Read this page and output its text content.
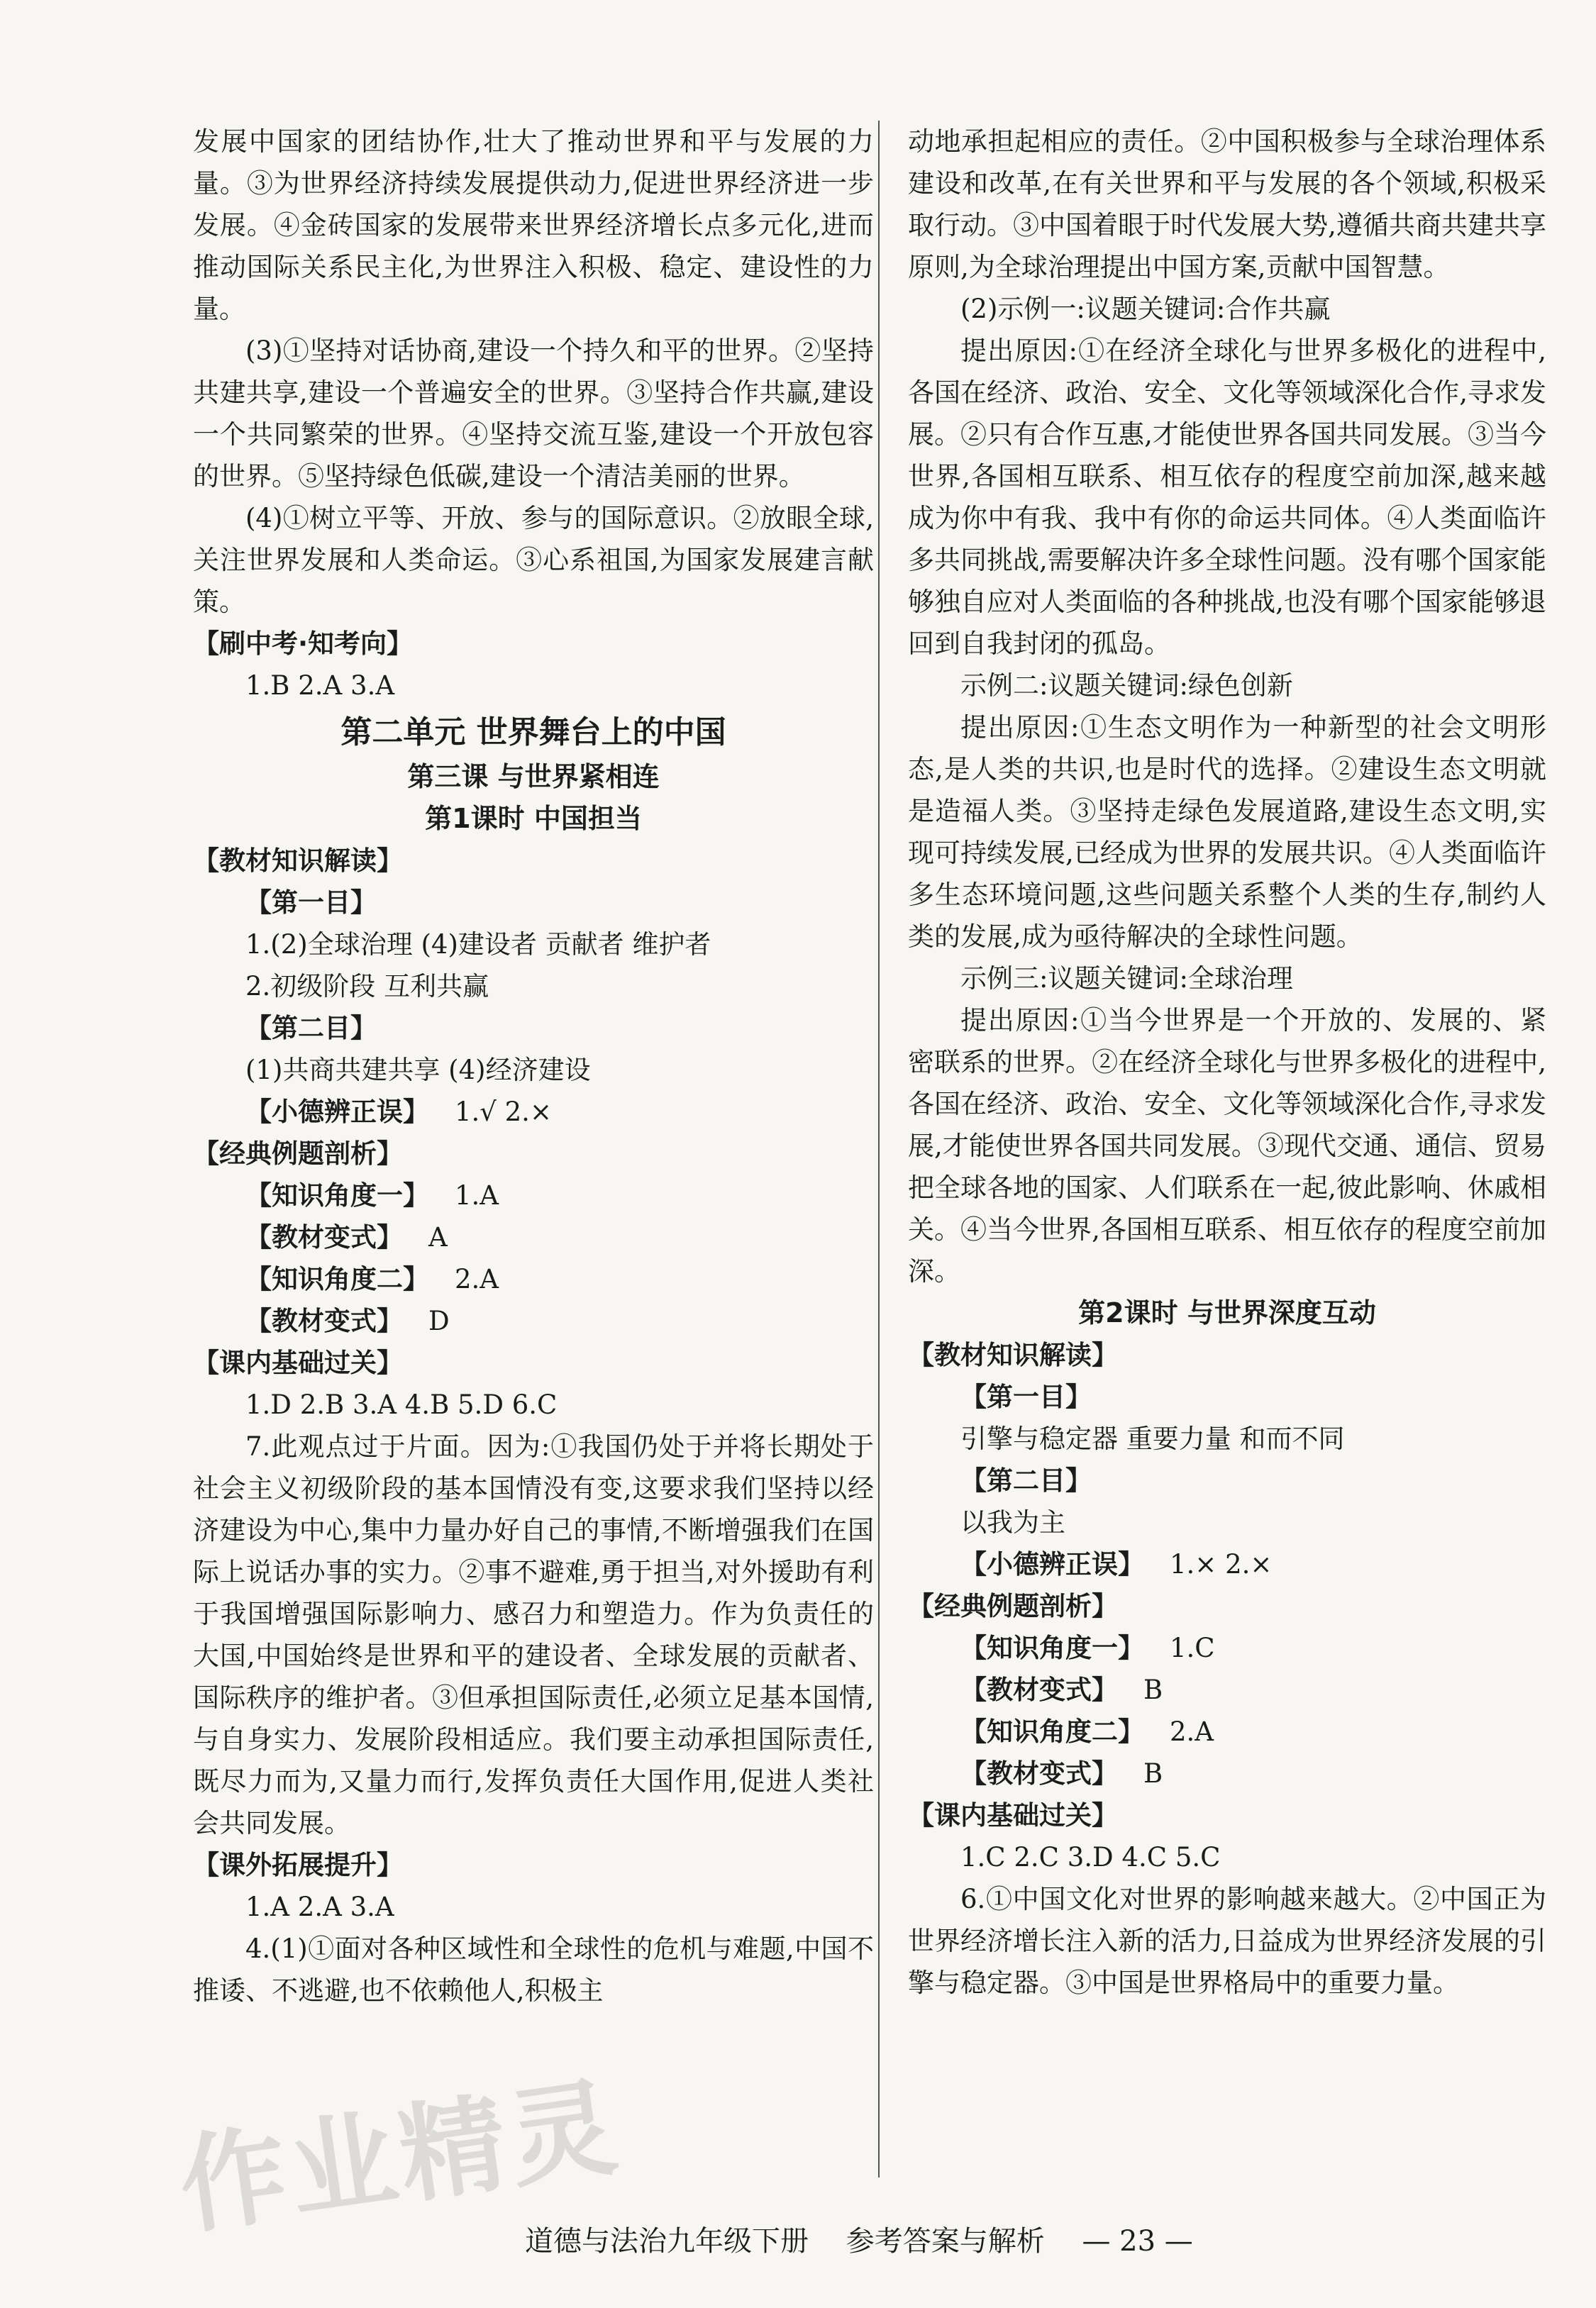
发展中国家的团结协作,壮大了推动世界和平与发展的力量。③为世界经济持续发展提供动力,促进世界经济进一步发展。④金砖国家的发展带来世界经济增长点多元化,进而推动国际关系民主化,为世界注入积极、稳定、建设性的力量。

(3)①坚持对话协商,建设一个持久和平的世界。②坚持共建共享,建设一个普遍安全的世界。③坚持合作共赢,建设一个共同繁荣的世界。④坚持交流互鉴,建设一个开放包容的世界。⑤坚持绿色低碳,建设一个清洁美丽的世界。

(4)①树立平等、开放、参与的国际意识。②放眼全球,关注世界发展和人类命运。③心系祖国,为国家发展建言献策。

【刷中考·知考向】

1.B 2.A 3.A

第二单元 世界舞台上的中国

第三课 与世界紧相连

第1课时 中国担当

【教材知识解读】

【第一目】

1.(2)全球治理 (4)建设者 贡献者 维护者

2.初级阶段 互利共赢

【第二目】

(1)共商共建共享 (4)经济建设

【小德辨正误】 1.√ 2.×

【经典例题剖析】

【知识角度一】 1.A

【教材变式】 A

【知识角度二】 2.A

【教材变式】 D

【课内基础过关】

1.D 2.B 3.A 4.B 5.D 6.C

7.此观点过于片面。因为:①我国仍处于并将长期处于社会主义初级阶段的基本国情没有变,这要求我们坚持以经济建设为中心,集中力量办好自己的事情,不断增强我们在国际上说话办事的实力。②事不避难,勇于担当,对外援助有利于我国增强国际影响力、感召力和塑造力。作为负责任的大国,中国始终是世界和平的建设者、全球发展的贡献者、国际秩序的维护者。③但承担国际责任,必须立足基本国情,与自身实力、发展阶段相适应。我们要主动承担国际责任,既尽力而为,又量力而行,发挥负责任大国作用,促进人类社会共同发展。

【课外拓展提升】

1.A 2.A 3.A

4.(1)①面对各种区域性和全球性的危机与难题,中国不推诿、不逃避,也不依赖他人,积极主

动地承担起相应的责任。②中国积极参与全球治理体系建设和改革,在有关世界和平与发展的各个领域,积极采取行动。③中国着眼于时代发展大势,遵循共商共建共享原则,为全球治理提出中国方案,贡献中国智慧。

(2)示例一:议题关键词:合作共赢

提出原因:①在经济全球化与世界多极化的进程中,各国在经济、政治、安全、文化等领域深化合作,寻求发展。②只有合作互惠,才能使世界各国共同发展。③当今世界,各国相互联系、相互依存的程度空前加深,越来越成为你中有我、我中有你的命运共同体。④人类面临许多共同挑战,需要解决许多全球性问题。没有哪个国家能够独自应对人类面临的各种挑战,也没有哪个国家能够退回到自我封闭的孤岛。

示例二:议题关键词:绿色创新

提出原因:①生态文明作为一种新型的社会文明形态,是人类的共识,也是时代的选择。②建设生态文明就是造福人类。③坚持走绿色发展道路,建设生态文明,实现可持续发展,已经成为世界的发展共识。④人类面临许多生态环境问题,这些问题关系整个人类的生存,制约人类的发展,成为亟待解决的全球性问题。

示例三:议题关键词:全球治理

提出原因:①当今世界是一个开放的、发展的、紧密联系的世界。②在经济全球化与世界多极化的进程中,各国在经济、政治、安全、文化等领域深化合作,寻求发展,才能使世界各国共同发展。③现代交通、通信、贸易把全球各地的国家、人们联系在一起,彼此影响、休戚相关。④当今世界,各国相互联系、相互依存的程度空前加深。

第2课时 与世界深度互动

【教材知识解读】

【第一目】

引擎与稳定器 重要力量 和而不同

【第二目】

以我为主

【小德辨正误】 1.× 2.×

【经典例题剖析】

【知识角度一】 1.C

【教材变式】 B

【知识角度二】 2.A

【教材变式】 B

【课内基础过关】

1.C 2.C 3.D 4.C 5.C

6.①中国文化对世界的影响越来越大。②中国正为世界经济增长注入新的活力,日益成为世界经济发展的引擎与稳定器。③中国是世界格局中的重要力量。

作业精灵
道德与法治九年级下册 参考答案与解析 — 23 —
